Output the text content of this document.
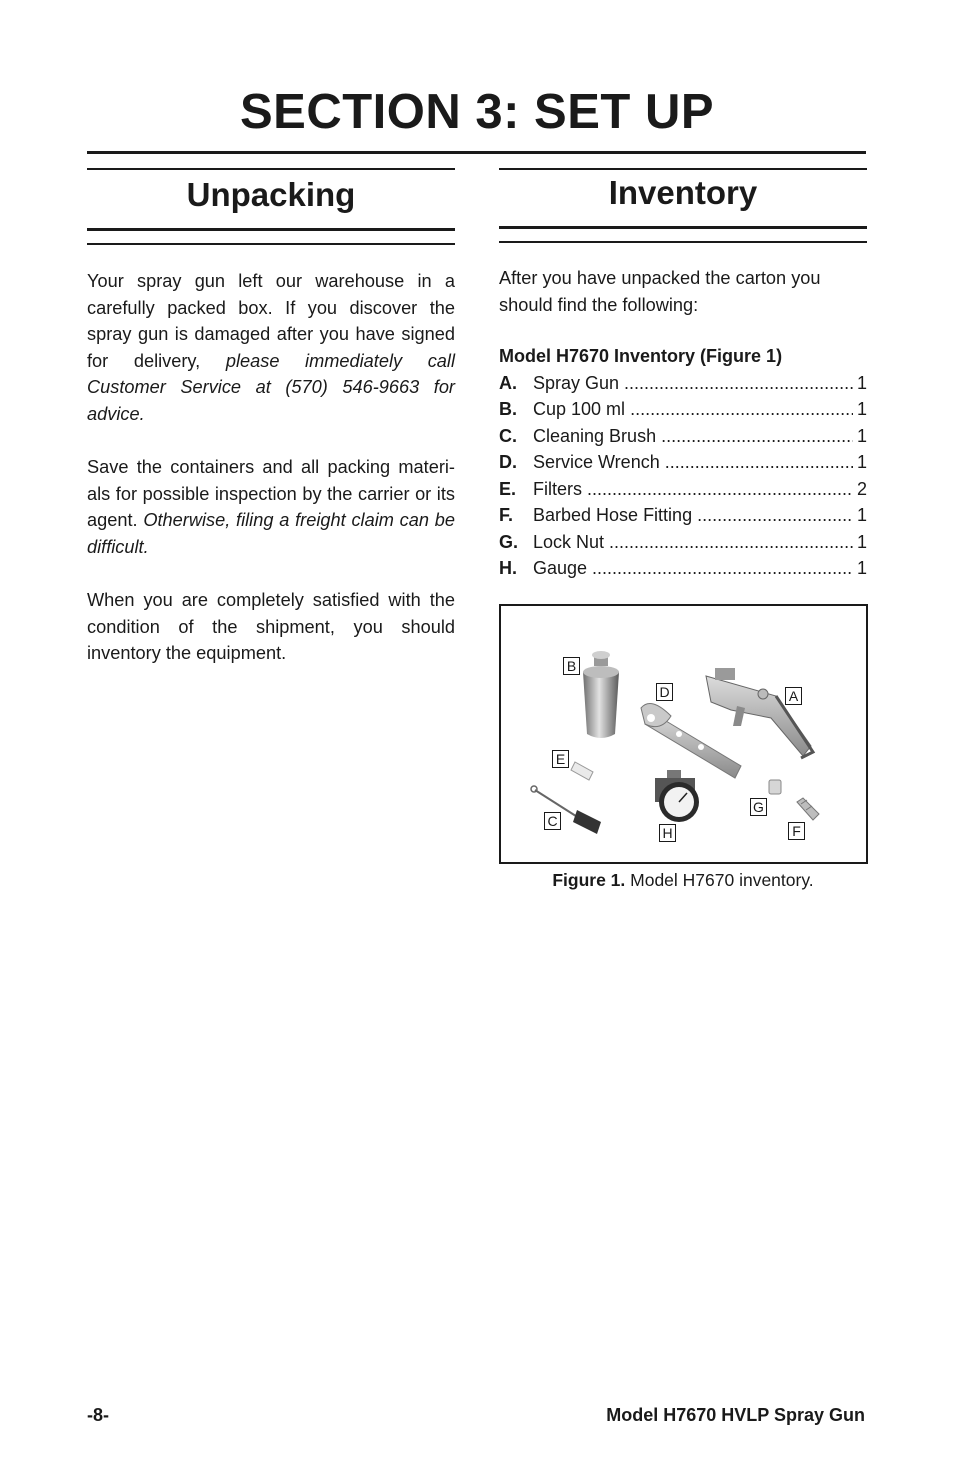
SECTION 3: SET UP
Unpacking
Your spray gun left our warehouse in a carefully packed box. If you discover the spray gun is damaged after you have signed for delivery, please immediately call Customer Service at (570) 546-9663 for advice.
Save the containers and all packing materi-als for possible inspection by the carrier or its agent. Otherwise, filing a freight claim can be difficult.
When you are completely satisfied with the condition of the shipment, you should inventory the equipment.
Inventory
After you have unpacked the carton you should find the following:
Model H7670 Inventory (Figure 1)
A. Spray Gun .....	1
B. Cup 100 ml .....	1
C. Cleaning Brush .....	1
D. Service Wrench .....	1
E. Filters .....	2
F. Barbed Hose Fitting .....	1
G. Lock Nut .....	1
H. Gauge .....	1
B
D	A
E
G
C
F
H
Figure 1. Model H7670 inventory.
-8-	Model H7670 HVLP Spray Gun
